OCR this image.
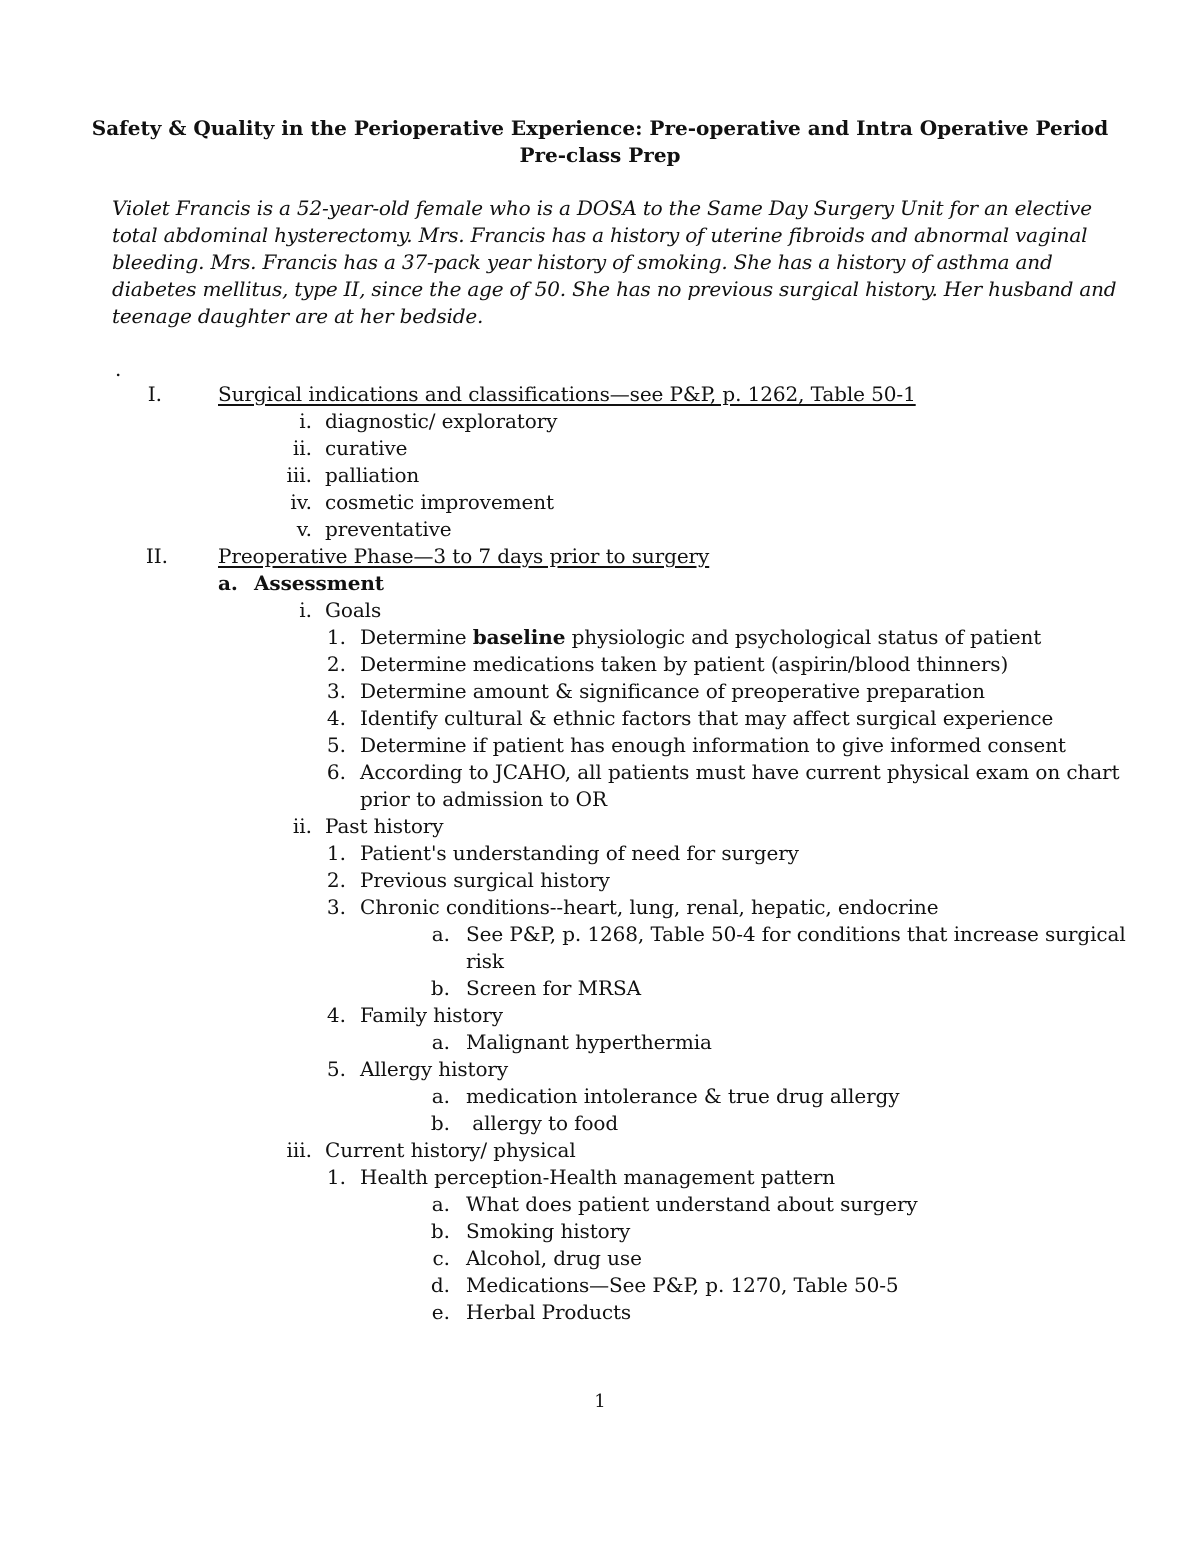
Safety & Quality in the Perioperative Experience: Pre-operative and Intra Operative Period
Pre-class Prep
Violet Francis is a 52-year-old female who is a DOSA to the Same Day Surgery Unit for an elective
total abdominal hysterectomy. Mrs. Francis has a history of uterine fibroids and abnormal vaginal
bleeding. Mrs. Francis has a 37-pack year history of smoking. She has a history of asthma and
diabetes mellitus, type II, since the age of 50. She has no previous surgical history. Her husband and
teenage daughter are at her bedside.
.
I.	Surgical indications and classifications—see P&P, p. 1262, Table 50-1
i. diagnostic/ exploratory
ii. curative
iii. palliation
iv. cosmetic improvement
v. preventative
II.	Preoperative Phase—3 to 7 days prior to surgery
a. Assessment
i. Goals
1. Determine baseline physiologic and psychological status of patient
2. Determine medications taken by patient (aspirin/blood thinners)
3. Determine amount & significance of preoperative preparation
4. Identify cultural & ethnic factors that may affect surgical experience
5. Determine if patient has enough information to give informed consent
6. According to JCAHO, all patients must have current physical exam on chart
prior to admission to OR
ii. Past history
1. Patient's understanding of need for surgery
2. Previous surgical history
3. Chronic conditions--heart, lung, renal, hepatic, endocrine
a. See P&P, p. 1268, Table 50-4 for conditions that increase surgical
risk
b. Screen for MRSA
4. Family history
a. Malignant hyperthermia
5. Allergy history
a. medication intolerance & true drug allergy
b. allergy to food
iii. Current history/ physical
1. Health perception-Health management pattern
a. What does patient understand about surgery
b. Smoking history
c. Alcohol, drug use
d. Medications—See P&P, p. 1270, Table 50-5
e. Herbal Products
1
